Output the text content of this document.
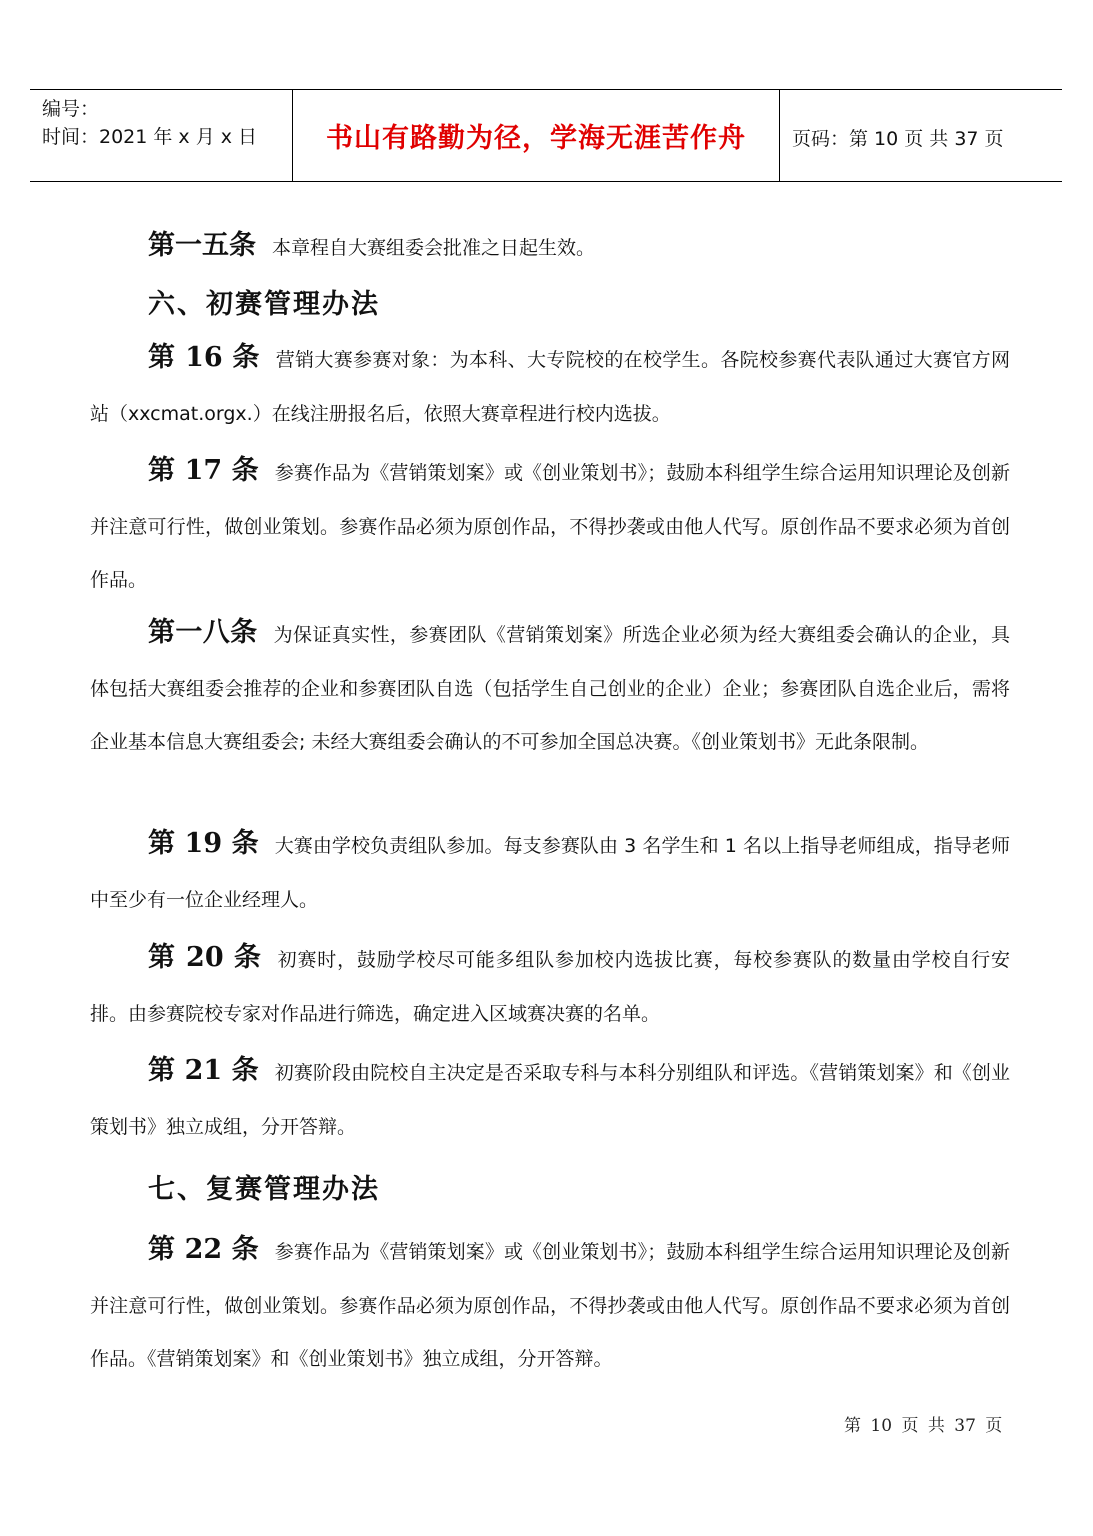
编号：
时间：2021 年 x 月 x 日	书山有路勤为径，学海无涯苦作舟	页码：第 10 页 共 37 页
第一五条 本章程自大赛组委会批准之日起生效。
六、初赛管理办法
第 16 条 营销大赛参赛对象：为本科、大专院校的在校学生。各院校参赛代表队通过大赛官方网站（xxcmat.orgx.）在线注册报名后，依照大赛章程进行校内选拔。
第 17 条 参赛作品为《营销策划案》或《创业策划书》；鼓励本科组学生综合运用知识理论及创新并注意可行性，做创业策划。参赛作品必须为原创作品，不得抄袭或由他人代写。原创作品不要求必须为首创作品。
第一八条 为保证真实性，参赛团队《营销策划案》所选企业必须为经大赛组委会确认的企业，具体包括大赛组委会推荐的企业和参赛团队自选（包括学生自己创业的企业）企业；参赛团队自选企业后，需将企业基本信息大赛组委会; 未经大赛组委会确认的不可参加全国总决赛。《创业策划书》无此条限制。
第 19 条 大赛由学校负责组队参加。每支参赛队由 3 名学生和 1 名以上指导老师组成，指导老师中至少有一位企业经理人。
第 20 条 初赛时，鼓励学校尽可能多组队参加校内选拔比赛，每校参赛队的数量由学校自行安排。由参赛院校专家对作品进行筛选，确定进入区域赛决赛的名单。
第 21 条 初赛阶段由院校自主决定是否采取专科与本科分别组队和评选。《营销策划案》和《创业策划书》独立成组，分开答辩。
七、复赛管理办法
第 22 条 参赛作品为《营销策划案》或《创业策划书》；鼓励本科组学生综合运用知识理论及创新并注意可行性，做创业策划。参赛作品必须为原创作品，不得抄袭或由他人代写。原创作品不要求必须为首创作品。《营销策划案》和《创业策划书》独立成组，分开答辩。
第 10 页 共 37 页
